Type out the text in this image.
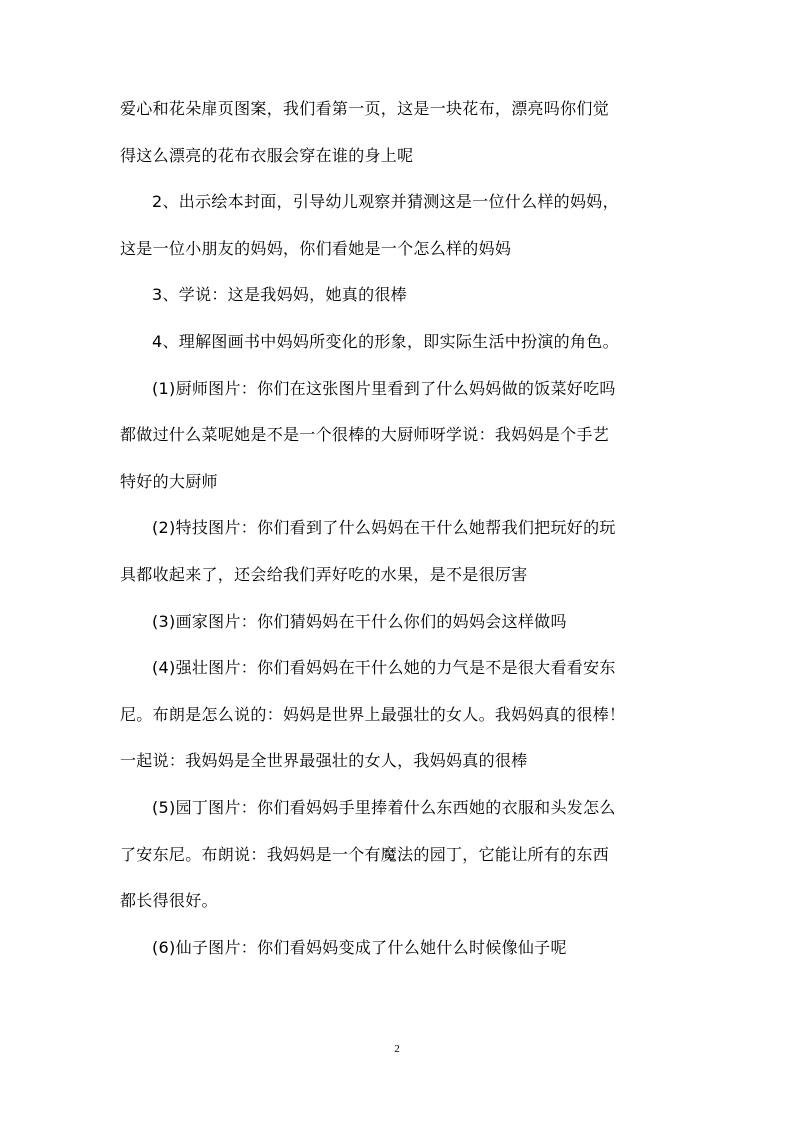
爱心和花朵扉页图案，我们看第一页，这是一块花布，漂亮吗你们觉

得这么漂亮的花布衣服会穿在谁的身上呢

2、出示绘本封面，引导幼儿观察并猜测这是一位什么样的妈妈，

这是一位小朋友的妈妈，你们看她是一个怎么样的妈妈

3、学说：这是我妈妈，她真的很棒

4、理解图画书中妈妈所变化的形象，即实际生活中扮演的角色。

(1)厨师图片：你们在这张图片里看到了什么妈妈做的饭菜好吃吗

都做过什么菜呢她是不是一个很棒的大厨师呀学说：我妈妈是个手艺

特好的大厨师

(2)特技图片：你们看到了什么妈妈在干什么她帮我们把玩好的玩

具都收起来了，还会给我们弄好吃的水果，是不是很厉害

(3)画家图片：你们猜妈妈在干什么你们的妈妈会这样做吗

(4)强壮图片：你们看妈妈在干什么她的力气是不是很大看看安东

尼。布朗是怎么说的：妈妈是世界上最强壮的女人。我妈妈真的很棒！

一起说：我妈妈是全世界最强壮的女人，我妈妈真的很棒

(5)园丁图片：你们看妈妈手里捧着什么东西她的衣服和头发怎么

了安东尼。布朗说：我妈妈是一个有魔法的园丁，它能让所有的东西

都长得很好。

(6)仙子图片：你们看妈妈变成了什么她什么时候像仙子呢

2
